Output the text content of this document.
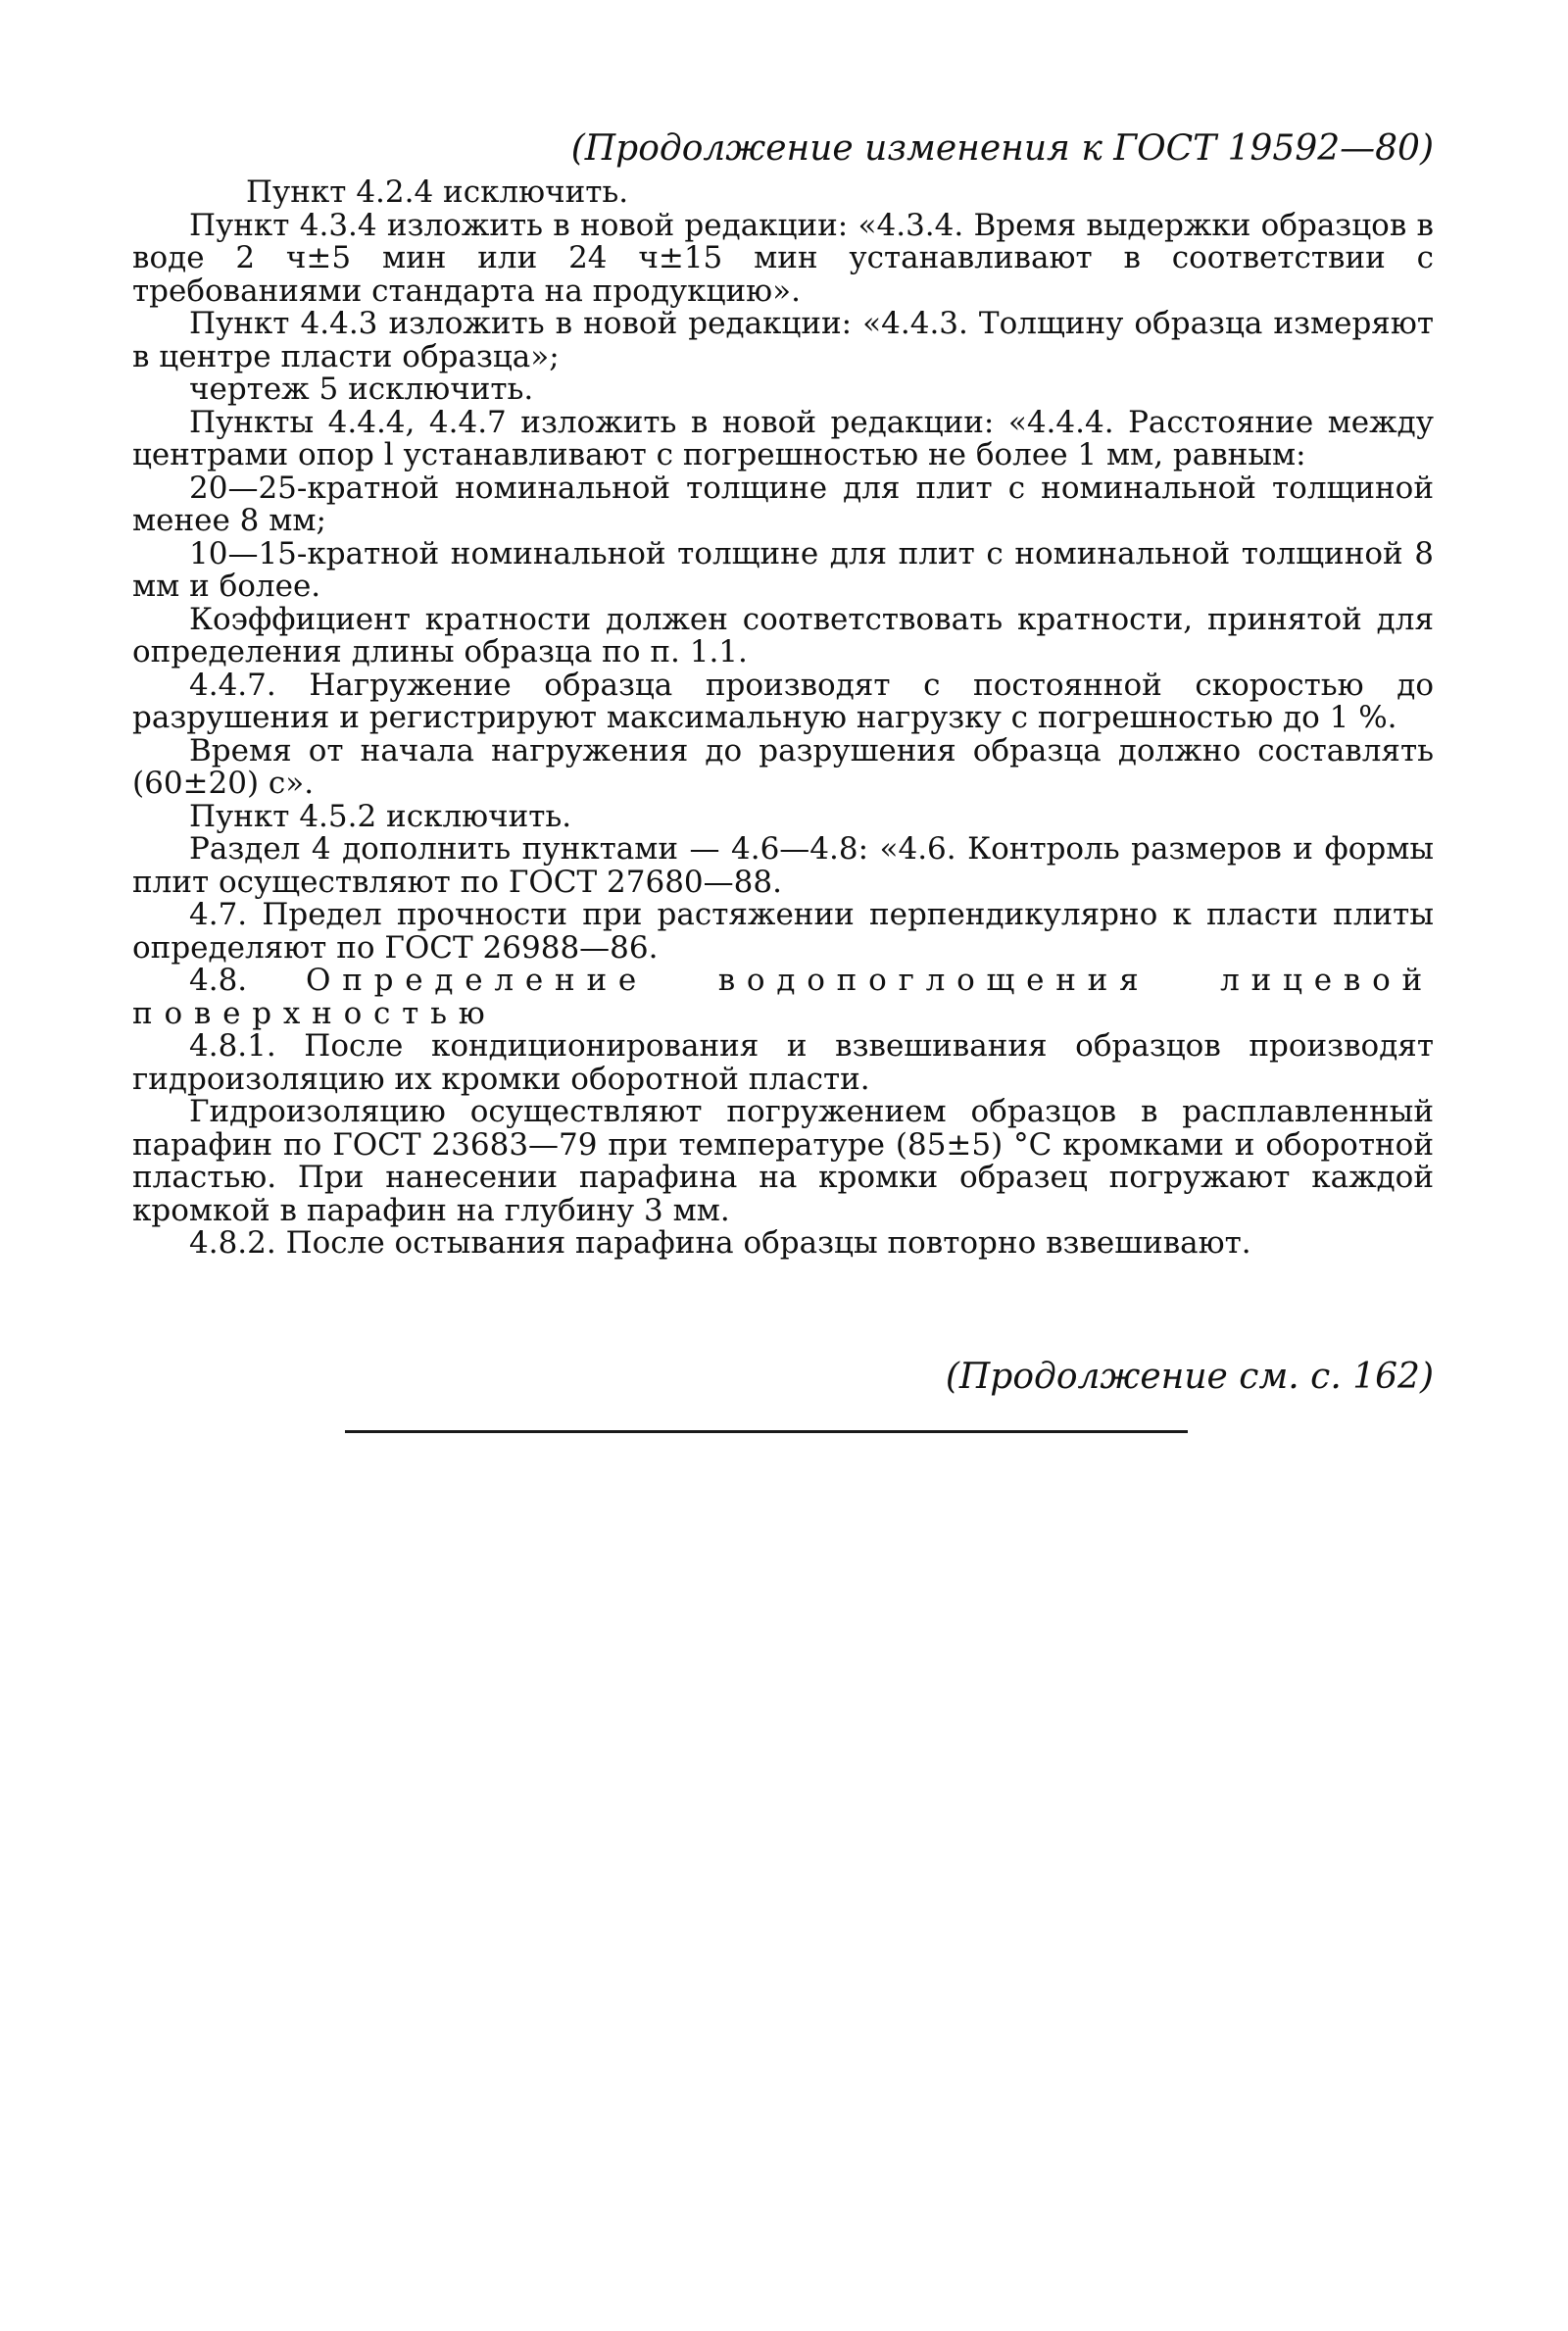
(Продолжение изменения к ГОСТ 19592—80)

Пункт 4.2.4 исключить.

Пункт 4.3.4 изложить в новой редакции: «4.3.4. Время выдержки образцов в воде 2 ч±5 мин или 24 ч±15 мин устанавливают в соответствии с требованиями стандарта на продукцию».

Пункт 4.4.3 изложить в новой редакции: «4.4.3. Толщину образца измеряют в центре пласти образца»;

чертеж 5 исключить.

Пункты 4.4.4, 4.4.7 изложить в новой редакции: «4.4.4. Расстояние между центрами опор l устанавливают с погрешностью не более 1 мм, равным:

20—25-кратной номинальной толщине для плит с номинальной толщиной менее 8 мм;

10—15-кратной номинальной толщине для плит с номинальной толщиной 8 мм и более.

Коэффициент кратности должен соответствовать кратности, принятой для определения длины образца по п. 1.1.

4.4.7. Нагружение образца производят с постоянной скоростью до разрушения и регистрируют максимальную нагрузку с погрешностью до 1 %.

Время от начала нагружения до разрушения образца должно составлять (60±20) с».

Пункт 4.5.2 исключить.

Раздел 4 дополнить пунктами — 4.6—4.8: «4.6. Контроль размеров и формы плит осуществляют по ГОСТ 27680—88.

4.7. Предел прочности при растяжении перпендикулярно к пласти плиты определяют по ГОСТ 26988—86.

4.8. Определение водопоглощения лицевой поверхностью

4.8.1. После кондиционирования и взвешивания образцов производят гидроизоляцию их кромки оборотной пласти.

Гидроизоляцию осуществляют погружением образцов в расплавленный парафин по ГОСТ 23683—79 при температуре (85±5) °С кромками и оборотной пластью. При нанесении парафина на кромки образец погружают каждой кромкой в парафин на глубину 3 мм.

4.8.2. После остывания парафина образцы повторно взвешивают.

(Продолжение см. с. 162)
